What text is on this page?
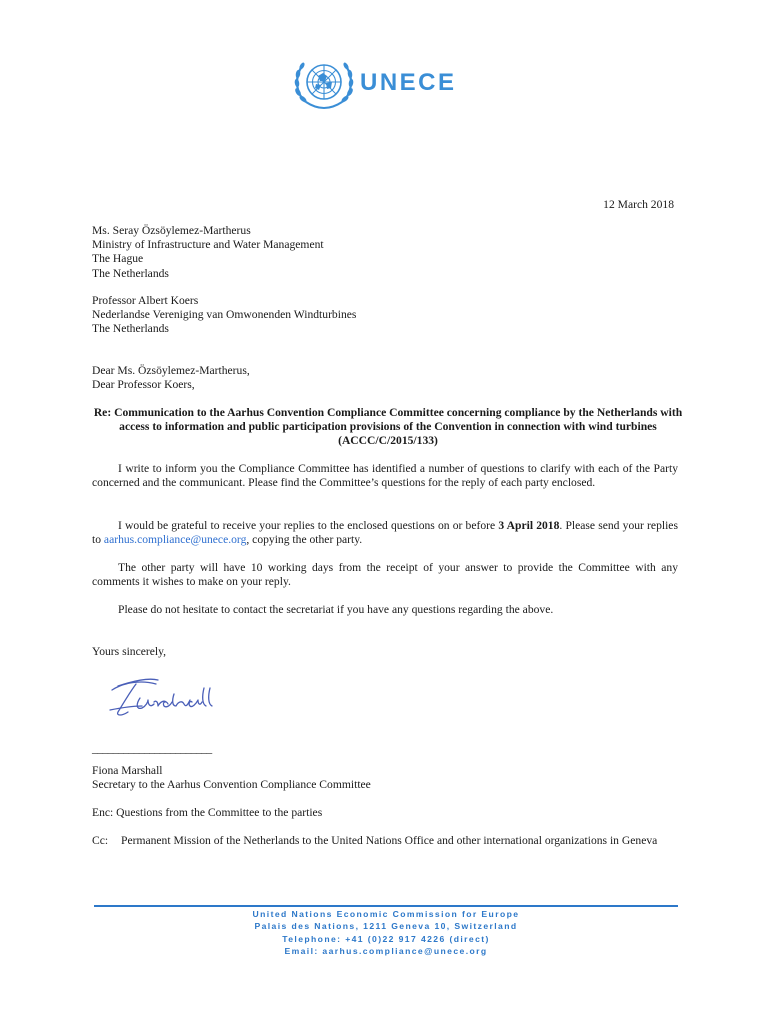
UNECE
12 March 2018
Ms. Seray Özsöylemez-Martherus
Ministry of Infrastructure and Water Management
The Hague
The Netherlands
Professor Albert Koers
Nederlandse Vereniging van Omwonenden Windturbines
The Netherlands
Dear Ms. Özsöylemez-Martherus,
Dear Professor Koers,
Re: Communication to the Aarhus Convention Compliance Committee concerning compliance by the Netherlands with access to information and public participation provisions of the Convention in connection with wind turbines (ACCC/C/2015/133)
I write to inform you the Compliance Committee has identified a number of questions to clarify with each of the Party concerned and the communicant. Please find the Committee’s questions for the reply of each party enclosed.
I would be grateful to receive your replies to the enclosed questions on or before 3 April 2018. Please send your replies to aarhus.compliance@unece.org, copying the other party.
The other party will have 10 working days from the receipt of your answer to provide the Committee with any comments it wishes to make on your reply.
Please do not hesitate to contact the secretariat if you have any questions regarding the above.
Yours sincerely,
_______________________
Fiona Marshall
Secretary to the Aarhus Convention Compliance Committee
Enc: Questions from the Committee to the parties
Cc:	Permanent Mission of the Netherlands to the United Nations Office and other international organizations in Geneva
United Nations Economic Commission for Europe
Palais des Nations, 1211 Geneva 10, Switzerland
Telephone: +41 (0)22 917 4226 (direct)
Email: aarhus.compliance@unece.org
